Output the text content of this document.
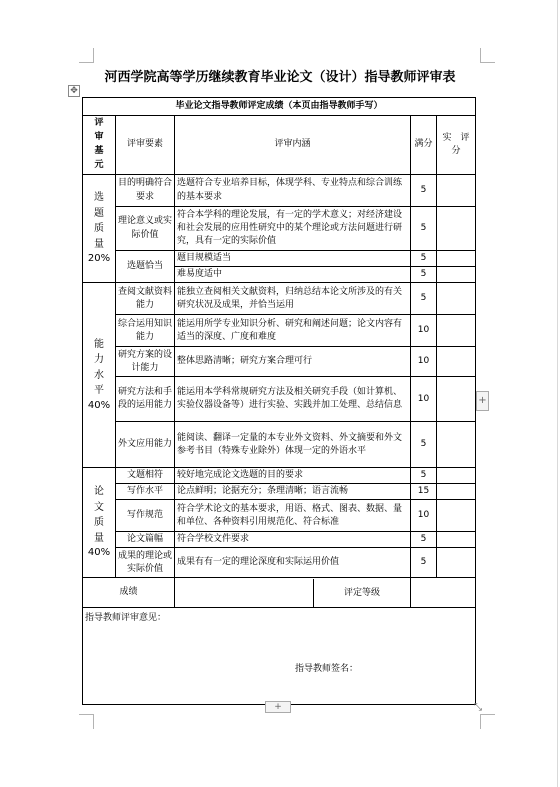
河西学院高等学历继续教育毕业论文（设计）指导教师评审表
✥
毕业论文指导教师评定成绩（本页由指导教师手写）				
评审基元	评审要素	评审内涵	满分	实　评　分
选题质量
20%	目的明确符合要求	选题符合专业培养目标，体现学科、专业特点和综合训练的基本要求	5	
	理论意义或实际价值	符合本学科的理论发展，有一定的学术意义；对经济建设和社会发展的应用性研究中的某个理论或方法问题进行研究，具有一定的实际价值	5	
	选题恰当	题目规模适当	5	
		难易度适中	5	
能力水平
40%	查阅文献资料能力	能独立查阅相关文献资料，归纳总结本论文所涉及的有关研究状况及成果，并恰当运用	5	
	综合运用知识能力	能运用所学专业知识分析、研究和阐述问题；论文内容有适当的深度、广度和难度	10	
	研究方案的设计能力	整体思路清晰；研究方案合理可行	10	
	研究方法和手段的运用能力	能运用本学科常规研究方法及相关研究手段（如计算机、实验仪器设备等）进行实验、实践并加工处理、总结信息	10	
	外文应用能力	能阅读、翻译一定量的本专业外文资料、外文摘要和外文参考书目（特殊专业除外）体现一定的外语水平	5	
论文质量
40%	文题相符	较好地完成论文选题的目的要求	5	
	写作水平	论点鲜明；论据充分；条理清晰；语言流畅	15	
	写作规范	符合学术论文的基本要求，用语、格式、图表、数据、量和单位、各种资料引用规范化、符合标准	10	
	论文篇幅	符合学校文件要求	5	
	成果的理论或实际价值	成果有有一定的理论深度和实际运用价值	5	
成绩		评定等级		

指导教师评审意见：
指导教师签名：				
+
+	⤡
